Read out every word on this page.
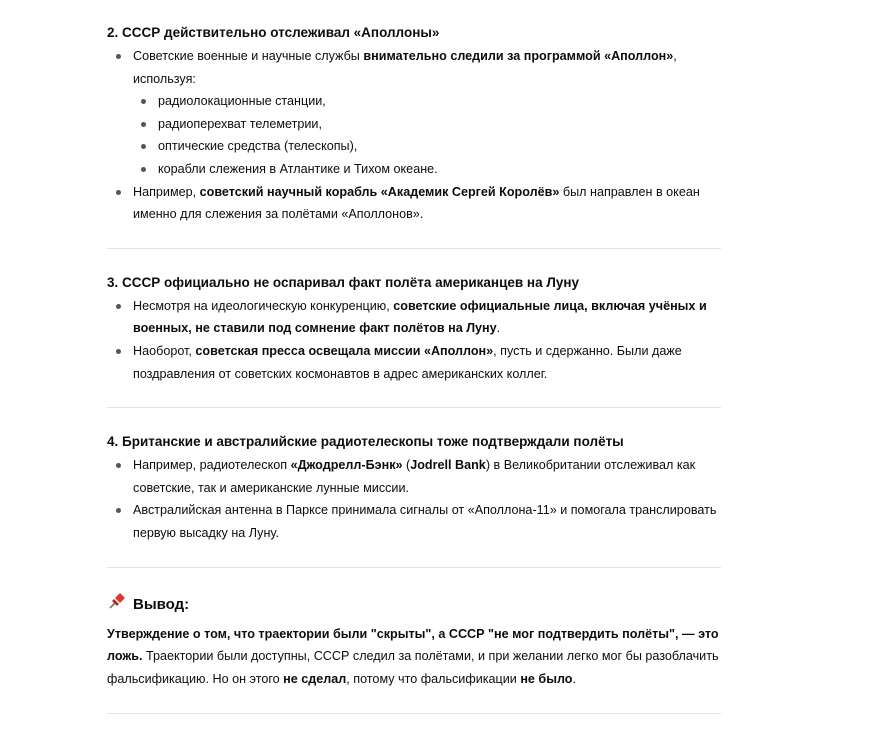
2. СССР действительно отслеживал «Аполлоны»
Советские военные и научные службы внимательно следили за программой «Аполлон», используя:
радиолокационные станции,
радиоперехват телеметрии,
оптические средства (телескопы),
корабли слежения в Атлантике и Тихом океане.
Например, советский научный корабль «Академик Сергей Королёв» был направлен в океан именно для слежения за полётами «Аполлонов».
3. СССР официально не оспаривал факт полёта американцев на Луну
Несмотря на идеологическую конкуренцию, советские официальные лица, включая учёных и военных, не ставили под сомнение факт полётов на Луну.
Наоборот, советская пресса освещала миссии «Аполлон», пусть и сдержанно. Были даже поздравления от советских космонавтов в адрес американских коллег.
4. Британские и австралийские радиотелескопы тоже подтверждали полёты
Например, радиотелескоп «Джодрелл-Бэнк» (Jodrell Bank) в Великобритании отслеживал как советские, так и американские лунные миссии.
Австралийская антенна в Парксе принимала сигналы от «Аполлона-11» и помогала транслировать первую высадку на Луну.
Вывод:

Утверждение о том, что траектории были "скрыты", а СССР "не мог подтвердить полёты", — это ложь. Траектории были доступны, СССР следил за полётами, и при желании легко мог бы разоблачить фальсификацию. Но он этого не сделал, потому что фальсификации не было.
